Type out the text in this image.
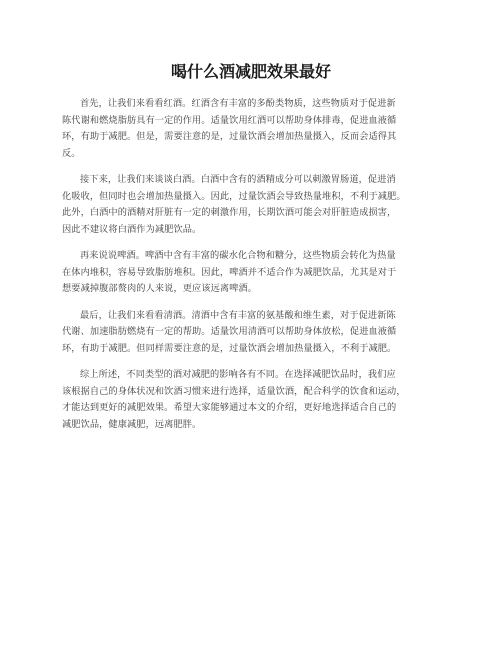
喝什么酒减肥效果最好
首先，让我们来看看红酒。红酒含有丰富的多酚类物质，这些物质对于促进新
陈代谢和燃烧脂肪具有一定的作用。适量饮用红酒可以帮助身体排毒，促进血液循
环，有助于减肥。但是，需要注意的是，过量饮酒会增加热量摄入，反而会适得其
反。
接下来，让我们来谈谈白酒。白酒中含有的酒精成分可以刺激胃肠道，促进消
化吸收，但同时也会增加热量摄入。因此，过量饮酒会导致热量堆积，不利于减肥。
此外，白酒中的酒精对肝脏有一定的刺激作用，长期饮酒可能会对肝脏造成损害，
因此不建议将白酒作为减肥饮品。
再来说说啤酒。啤酒中含有丰富的碳水化合物和糖分，这些物质会转化为热量
在体内堆积，容易导致脂肪堆积。因此，啤酒并不适合作为减肥饮品，尤其是对于
想要减掉腹部赘肉的人来说，更应该远离啤酒。
最后，让我们来看看清酒。清酒中含有丰富的氨基酸和维生素，对于促进新陈
代谢、加速脂肪燃烧有一定的帮助。适量饮用清酒可以帮助身体放松，促进血液循
环，有助于减肥。但同样需要注意的是，过量饮酒会增加热量摄入，不利于减肥。
综上所述，不同类型的酒对减肥的影响各有不同。在选择减肥饮品时，我们应
该根据自己的身体状况和饮酒习惯来进行选择，适量饮酒，配合科学的饮食和运动，
才能达到更好的减肥效果。希望大家能够通过本文的介绍，更好地选择适合自己的
减肥饮品，健康减肥，远离肥胖。
